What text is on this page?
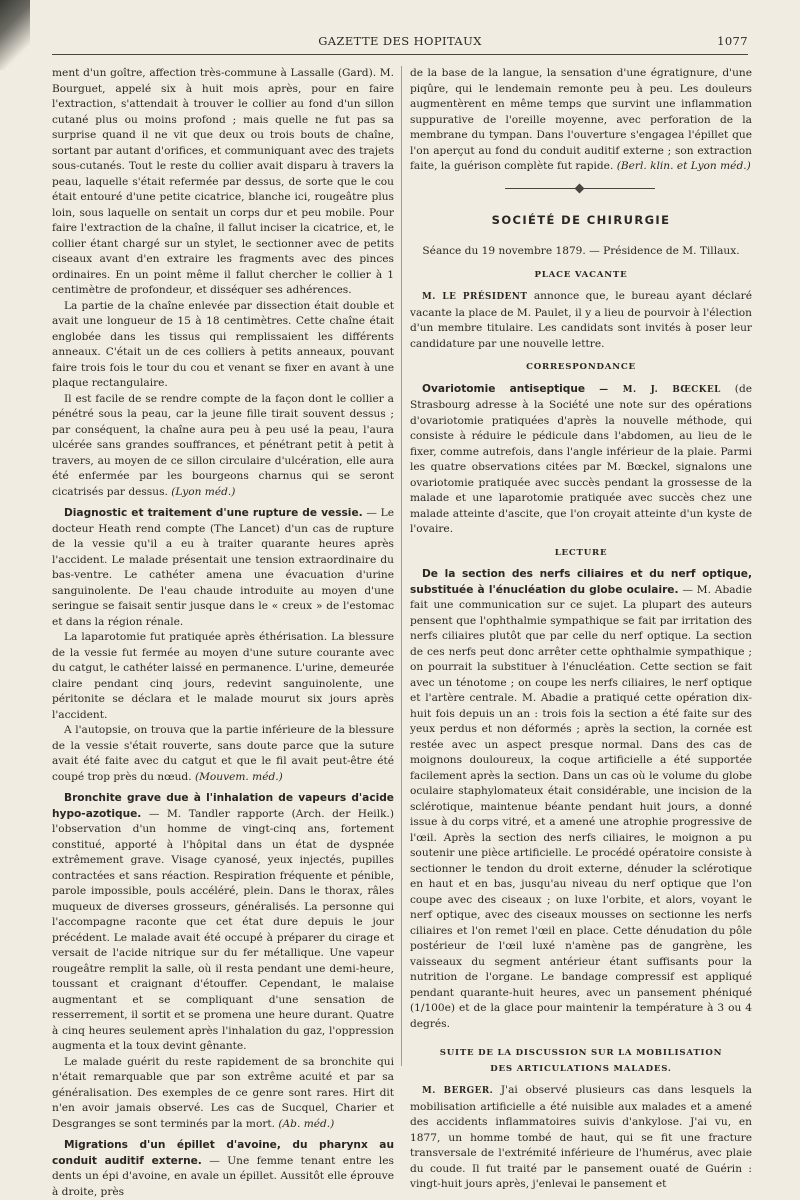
GAZETTE DES HOPITAUX	1077

ment d'un goître, affection très-commune à Lassalle (Gard). M. Bourguet, appelé six à huit mois après, pour en faire l'extraction, s'attendait à trouver le collier au fond d'un sillon cutané plus ou moins profond ; mais quelle ne fut pas sa surprise quand il ne vit que deux ou trois bouts de chaîne, sortant par autant d'orifices, et communiquant avec des trajets sous-cutanés. Tout le reste du collier avait disparu à travers la peau, laquelle s'était refermée par dessus, de sorte que le cou était entouré d'une petite cicatrice, blanche ici, rougeâtre plus loin, sous laquelle on sentait un corps dur et peu mobile. Pour faire l'extraction de la chaîne, il fallut inciser la cicatrice, et, le collier étant chargé sur un stylet, le sectionner avec de petits ciseaux avant d'en extraire les fragments avec des pinces ordinaires. En un point même il fallut chercher le collier à 1 centimètre de profondeur, et disséquer ses adhérences.

La partie de la chaîne enlevée par dissection était double et avait une longueur de 15 à 18 centimètres. Cette chaîne était englobée dans les tissus qui remplissaient les différents anneaux. C'était un de ces colliers à petits anneaux, pouvant faire trois fois le tour du cou et venant se fixer en avant à une plaque rectangulaire.

Il est facile de se rendre compte de la façon dont le collier a pénétré sous la peau, car la jeune fille tirait souvent dessus ; par conséquent, la chaîne aura peu à peu usé la peau, l'aura ulcérée sans grandes souffrances, et pénétrant petit à petit à travers, au moyen de ce sillon circulaire d'ulcération, elle aura été enfermée par les bourgeons charnus qui se seront cicatrisés par dessus. (Lyon méd.)

Diagnostic et traitement d'une rupture de vessie. — Le docteur Heath rend compte (The Lancet) d'un cas de rupture de la vessie qu'il a eu à traiter quarante heures après l'accident. Le malade présentait une tension extraordinaire du bas-ventre. Le cathéter amena une évacuation d'urine sanguinolente. De l'eau chaude introduite au moyen d'une seringue se faisait sentir jusque dans le « creux » de l'estomac et dans la région rénale.

La laparotomie fut pratiquée après éthérisation. La blessure de la vessie fut fermée au moyen d'une suture courante avec du catgut, le cathéter laissé en permanence. L'urine, demeurée claire pendant cinq jours, redevint sanguinolente, une péritonite se déclara et le malade mourut six jours après l'accident.

A l'autopsie, on trouva que la partie inférieure de la blessure de la vessie s'était rouverte, sans doute parce que la suture avait été faite avec du catgut et que le fil avait peut-être été coupé trop près du nœud. (Mouvem. méd.)

Bronchite grave due à l'inhalation de vapeurs d'acide hypo-azotique. — M. Tandler rapporte (Arch. der Heilk.) l'observation d'un homme de vingt-cinq ans, fortement constitué, apporté à l'hôpital dans un état de dyspnée extrêmement grave. Visage cyanosé, yeux injectés, pupilles contractées et sans réaction. Respiration fréquente et pénible, parole impossible, pouls accéléré, plein. Dans le thorax, râles muqueux de diverses grosseurs, généralisés. La personne qui l'accompagne raconte que cet état dure depuis le jour précédent. Le malade avait été occupé à préparer du cirage et versait de l'acide nitrique sur du fer métallique. Une vapeur rougeâtre remplit la salle, où il resta pendant une demi-heure, toussant et craignant d'étouffer. Cependant, le malaise augmentant et se compliquant d'une sensation de resserrement, il sortit et se promena une heure durant. Quatre à cinq heures seulement après l'inhalation du gaz, l'oppression augmenta et la toux devint gênante.

Le malade guérit du reste rapidement de sa bronchite qui n'était remarquable que par son extrême acuité et par sa généralisation. Des exemples de ce genre sont rares. Hirt dit n'en avoir jamais observé. Les cas de Sucquel, Charier et Desgranges se sont terminés par la mort. (Ab. méd.)

Migrations d'un épillet d'avoine, du pharynx au conduit auditif externe. — Une femme tenant entre les dents un épi d'avoine, en avale un épillet. Aussitôt elle éprouve à droite, près

de la base de la langue, la sensation d'une égratignure, d'une piqûre, qui le lendemain remonte peu à peu. Les douleurs augmentèrent en même temps que survint une inflammation suppurative de l'oreille moyenne, avec perforation de la membrane du tympan. Dans l'ouverture s'engagea l'épillet que l'on aperçut au fond du conduit auditif externe ; son extraction faite, la guérison complète fut rapide. (Berl. klin. et Lyon méd.)

SOCIÉTÉ DE CHIRURGIE

Séance du 19 novembre 1879. — Présidence de M. Tillaux.

PLACE VACANTE

M. LE PRÉSIDENT annonce que, le bureau ayant déclaré vacante la place de M. Paulet, il y a lieu de pourvoir à l'élection d'un membre titulaire. Les candidats sont invités à poser leur candidature par une nouvelle lettre.

CORRESPONDANCE

Ovariotomie antiseptique — M. J. BŒCKEL (de Strasbourg adresse à la Société une note sur des opérations d'ovariotomie pratiquées d'après la nouvelle méthode, qui consiste à réduire le pédicule dans l'abdomen, au lieu de le fixer, comme autrefois, dans l'angle inférieur de la plaie. Parmi les quatre observations citées par M. Bœckel, signalons une ovariotomie pratiquée avec succès pendant la grossesse de la malade et une laparotomie pratiquée avec succès chez une malade atteinte d'ascite, que l'on croyait atteinte d'un kyste de l'ovaire.

LECTURE

De la section des nerfs ciliaires et du nerf optique, substituée à l'énucléation du globe oculaire. — M. Abadie fait une communication sur ce sujet. La plupart des auteurs pensent que l'ophthalmie sympathique se fait par irritation des nerfs ciliaires plutôt que par celle du nerf optique. La section de ces nerfs peut donc arrêter cette ophthalmie sympathique ; on pourrait la substituer à l'énucléation. Cette section se fait avec un ténotome ; on coupe les nerfs ciliaires, le nerf optique et l'artère centrale. M. Abadie a pratiqué cette opération dix-huit fois depuis un an : trois fois la section a été faite sur des yeux perdus et non déformés ; après la section, la cornée est restée avec un aspect presque normal. Dans des cas de moignons douloureux, la coque artificielle a été supportée facilement après la section. Dans un cas où le volume du globe oculaire staphylomateux était considérable, une incision de la sclérotique, maintenue béante pendant huit jours, a donné issue à du corps vitré, et a amené une atrophie progressive de l'œil. Après la section des nerfs ciliaires, le moignon a pu soutenir une pièce artificielle. Le procédé opératoire consiste à sectionner le tendon du droit externe, dénuder la sclérotique en haut et en bas, jusqu'au niveau du nerf optique que l'on coupe avec des ciseaux ; on luxe l'orbite, et alors, voyant le nerf optique, avec des ciseaux mousses on sectionne les nerfs ciliaires et l'on remet l'œil en place. Cette dénudation du pôle postérieur de l'œil luxé n'amène pas de gangrène, les vaisseaux du segment antérieur étant suffisants pour la nutrition de l'organe. Le bandage compressif est appliqué pendant quarante-huit heures, avec un pansement phéniqué (1/100e) et de la glace pour maintenir la température à 3 ou 4 degrés.

SUITE DE LA DISCUSSION SUR LA MOBILISATION
DES ARTICULATIONS MALADES.

M. BERGER. J'ai observé plusieurs cas dans lesquels la mobilisation artificielle a été nuisible aux malades et a amené des accidents inflammatoires suivis d'ankylose. J'ai vu, en 1877, un homme tombé de haut, qui se fit une fracture transversale de l'extrémité inférieure de l'humérus, avec plaie du coude. Il fut traité par le pansement ouaté de Guérin : vingt-huit jours après, j'enlevai le pansement et
